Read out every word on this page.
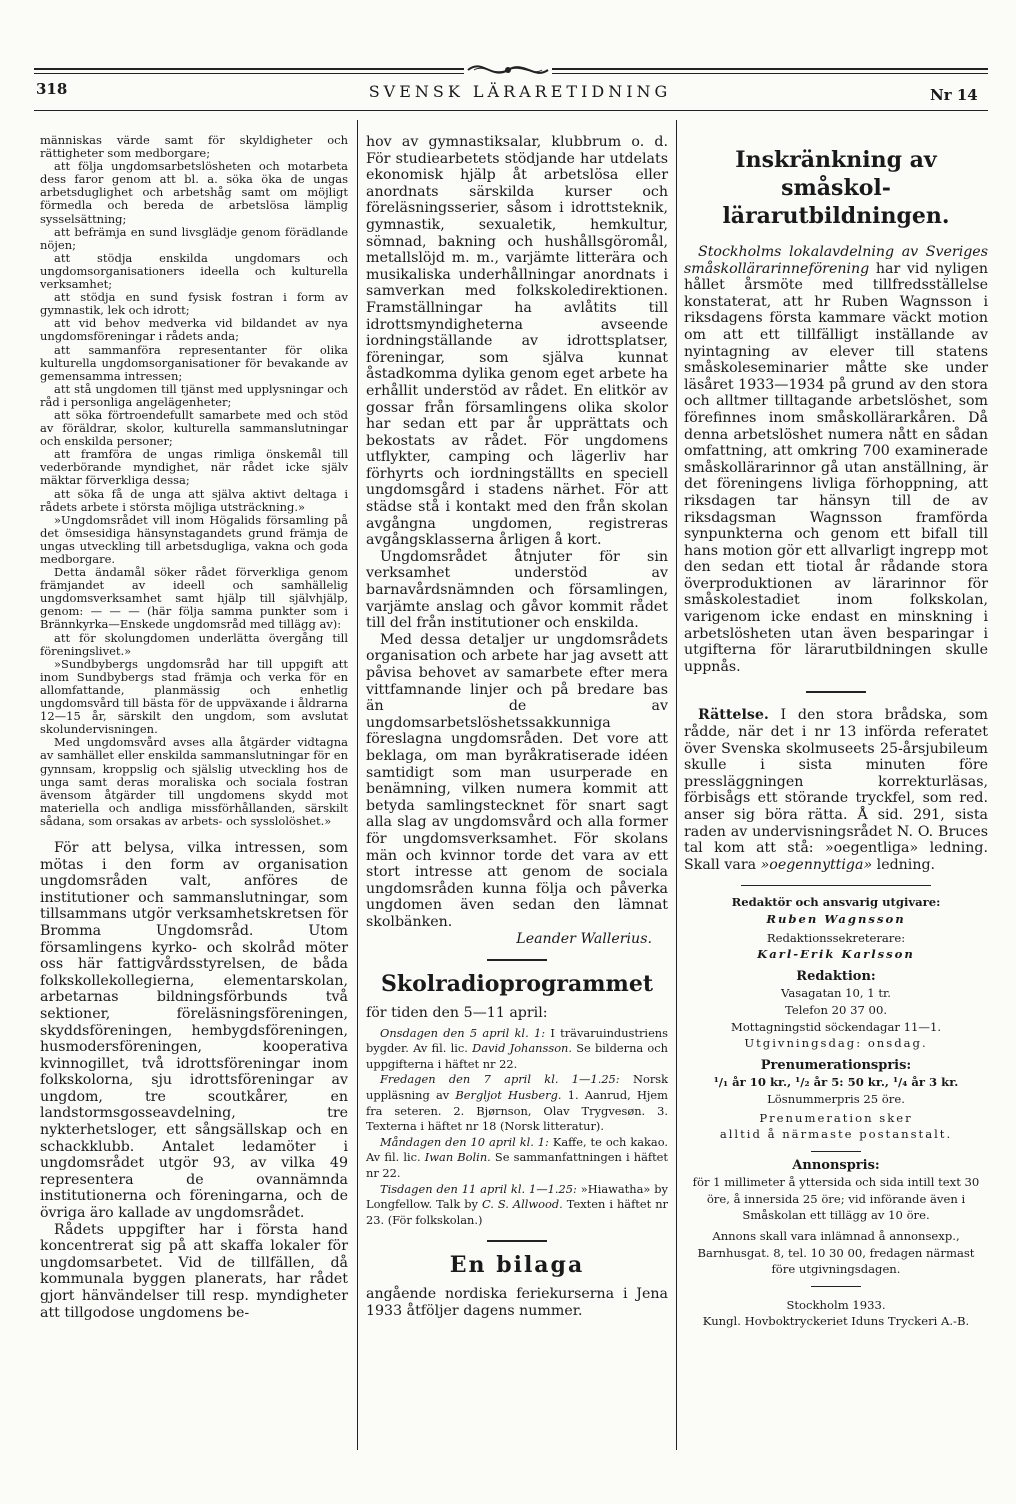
318	SVENSK LÄRARETIDNING	Nr 14

människas värde samt för skyldigheter och rättigheter som medborgare;

att följa ungdomsarbetslösheten och motarbeta dess faror genom att bl. a. söka öka de ungas arbetsduglighet och arbetshåg samt om möjligt förmedla och bereda de arbetslösa lämplig sysselsättning;

att befrämja en sund livsglädje genom förädlande nöjen;

att stödja enskilda ungdomars och ungdomsorganisationers ideella och kulturella verksamhet;

att stödja en sund fysisk fostran i form av gymnastik, lek och idrott;

att vid behov medverka vid bildandet av nya ungdomsföreningar i rådets anda;

att sammanföra representanter för olika kulturella ungdomsorganisationer för bevakande av gemensamma intressen;

att stå ungdomen till tjänst med upplysningar och råd i personliga angelägenheter;

att söka förtroendefullt samarbete med och stöd av föräldrar, skolor, kulturella sammanslutningar och enskilda personer;

att framföra de ungas rimliga önskemål till vederbörande myndighet, när rådet icke själv mäktar förverkliga dessa;

att söka få de unga att själva aktivt deltaga i rådets arbete i största möjliga utsträckning.»

»Ungdomsrådet vill inom Högalids församling på det ömsesidiga hänsynstagandets grund främja de ungas utveckling till arbetsdugliga, vakna och goda medborgare.

Detta ändamål söker rådet förverkliga genom främjandet av ideell och samhällelig ungdomsverksamhet samt hjälp till självhjälp, genom: — — — (här följa samma punkter som i Brännkyrka—Enskede ungdomsråd med tillägg av):

att för skolungdomen underlätta övergång till föreningslivet.»

»Sundbybergs ungdomsråd har till uppgift att inom Sundbybergs stad främja och verka för en allomfattande, planmässig och enhetlig ungdomsvård till bästa för de uppväxande i åldrarna 12—15 år, särskilt den ungdom, som avslutat skolundervisningen.

Med ungdomsvård avses alla åtgärder vidtagna av samhället eller enskilda sammanslutningar för en gynnsam, kroppslig och själslig utveckling hos de unga samt deras moraliska och sociala fostran ävensom åtgärder till ungdomens skydd mot materiella och andliga missförhållanden, särskilt sådana, som orsakas av arbets- och sysslolöshet.»

För att belysa, vilka intressen, som mötas i den form av organisation ungdomsråden valt, anföres de institutioner och sammanslutningar, som tillsammans utgör verksamhetskretsen för Bromma Ungdomsråd. Utom församlingens kyrko- och skolråd möter oss här fattigvårdsstyrelsen, de båda folkskollekollegierna, elementarskolan, arbetarnas bildningsförbunds två sektioner, föreläsningsföreningen, skyddsföreningen, hembygdsföreningen, husmodersföreningen, kooperativa kvinnogillet, två idrottsföreningar inom folkskolorna, sju idrottsföreningar av ungdom, tre scoutkårer, en landstormsgosseavdelning, tre nykterhetsloger, ett sångsällskap och en schackklubb. Antalet ledamöter i ungdomsrådet utgör 93, av vilka 49 representera de ovannämnda institutionerna och föreningarna, och de övriga äro kallade av ungdomsrådet.

Rådets uppgifter har i första hand koncentrerat sig på att skaffa lokaler för ungdomsarbetet. Vid de tillfällen, då kommunala byggen planerats, har rådet gjort hänvändelser till resp. myndigheter att tillgodose ungdomens be-

hov av gymnastiksalar, klubbrum o. d. För studiearbetets stödjande har utdelats ekonomisk hjälp åt arbetslösa eller anordnats särskilda kurser och föreläsningsserier, såsom i idrottsteknik, gymnastik, sexualetik, hemkultur, sömnad, bakning och hushållsgöromål, metallslöjd m. m., varjämte litterära och musikaliska underhållningar anordnats i samverkan med folkskoledirektionen. Framställningar ha avlåtits till idrottsmyndigheterna avseende iordningställande av idrottsplatser, föreningar, som själva kunnat åstadkomma dylika genom eget arbete ha erhållit understöd av rådet. En elitkör av gossar från församlingens olika skolor har sedan ett par år upprättats och bekostats av rådet. För ungdomens utflykter, camping och lägerliv har förhyrts och iordningställts en speciell ungdomsgård i stadens närhet. För att städse stå i kontakt med den från skolan avgångna ungdomen, registreras avgångsklasserna årligen å kort.

Ungdomsrådet åtnjuter för sin verksamhet understöd av barnavårdsnämnden och församlingen, varjämte anslag och gåvor kommit rådet till del från institutioner och enskilda.

Med dessa detaljer ur ungdomsrådets organisation och arbete har jag avsett att påvisa behovet av samarbete efter mera vittfamnande linjer och på bredare bas än de av ungdomsarbetslöshetssakkunniga föreslagna ungdomsråden. Det vore att beklaga, om man byråkratiserade idéen samtidigt som man usurperade en benämning, vilken numera kommit att betyda samlingstecknet för snart sagt alla slag av ungdomsvård och alla former för ungdomsverksamhet. För skolans män och kvinnor torde det vara av ett stort intresse att genom de sociala ungdomsråden kunna följa och påverka ungdomen även sedan den lämnat skolbänken.

Leander Wallerius.

Skolradioprogrammet
för tiden den 5—11 april:

Onsdagen den 5 april kl. 1: I trävaruindustriens bygder. Av fil. lic. David Johansson. Se bilderna och uppgifterna i häftet nr 22.

Fredagen den 7 april kl. 1—1.25: Norsk uppläsning av Bergljot Husberg. 1. Aanrud, Hjem fra seteren. 2. Bjørnson, Olav Trygvesøn. 3. Texterna i häftet nr 18 (Norsk litteratur).

Måndagen den 10 april kl. 1: Kaffe, te och kakao. Av fil. lic. Iwan Bolin. Se sammanfattningen i häftet nr 22.

Tisdagen den 11 april kl. 1—1.25: »Hiawatha» by Longfellow. Talk by C. S. Allwood. Texten i häftet nr 23. (För folkskolan.)

En bilaga

angående nordiska feriekurserna i Jena 1933 åtföljer dagens nummer.

Inskränkning av småskol-
lärarutbildningen.

Stockholms lokalavdelning av Sveriges småskollärarinneförening har vid nyligen hållet årsmöte med tillfredsställelse konstaterat, att hr Ruben Wagnsson i riksdagens första kammare väckt motion om att ett tillfälligt inställande av nyintagning av elever till statens småskoleseminarier måtte ske under läsåret 1933—1934 på grund av den stora och alltmer tilltagande arbetslöshet, som förefinnes inom småskollärarkåren. Då denna arbetslöshet numera nått en sådan omfattning, att omkring 700 examinerade småskollärarinnor gå utan anställning, är det föreningens livliga förhoppning, att riksdagen tar hänsyn till de av riksdagsman Wagnsson framförda synpunkterna och genom ett bifall till hans motion gör ett allvarligt ingrepp mot den sedan ett tiotal år rådande stora överproduktionen av lärarinnor för småskolestadiet inom folkskolan, varigenom icke endast en minskning i arbetslösheten utan även besparingar i utgifterna för lärarutbildningen skulle uppnås.

Rättelse. I den stora brådska, som rådde, när det i nr 13 införda referatet över Svenska skolmuseets 25-årsjubileum skulle i sista minuten före pressläggningen korrekturläsas, förbisågs ett störande tryckfel, som red. anser sig böra rätta. Å sid. 291, sista raden av undervisningsrådet N. O. Bruces tal kom att stå: »oegentliga» ledning. Skall vara »oegennyttiga» ledning.

Redaktör och ansvarig utgivare:
Ruben Wagnsson
Redaktionssekreterare:
Karl-Erik Karlsson
Redaktion:
Vasagatan 10, 1 tr.
Telefon 20 37 00.
Mottagningstid söckendagar 11—1.
Utgivningsdag: onsdag.
Prenumerationspris:
¹/₁ år 10 kr., ¹/₂ år 5: 50 kr., ¹/₄ år 3 kr.
Lösnummerpris 25 öre.
Prenumeration sker
alltid å närmaste postanstalt.
Annonspris:
för 1 millimeter å yttersida och sida intill text 30 öre, å innersida 25 öre; vid införande även i Småskolan ett tillägg av 10 öre.
Annons skall vara inlämnad å annonsexp., Barnhusgat. 8, tel. 10 30 00, fredagen närmast före utgivningsdagen.
Stockholm 1933.
Kungl. Hovboktryckeriet Iduns Tryckeri A.-B.
